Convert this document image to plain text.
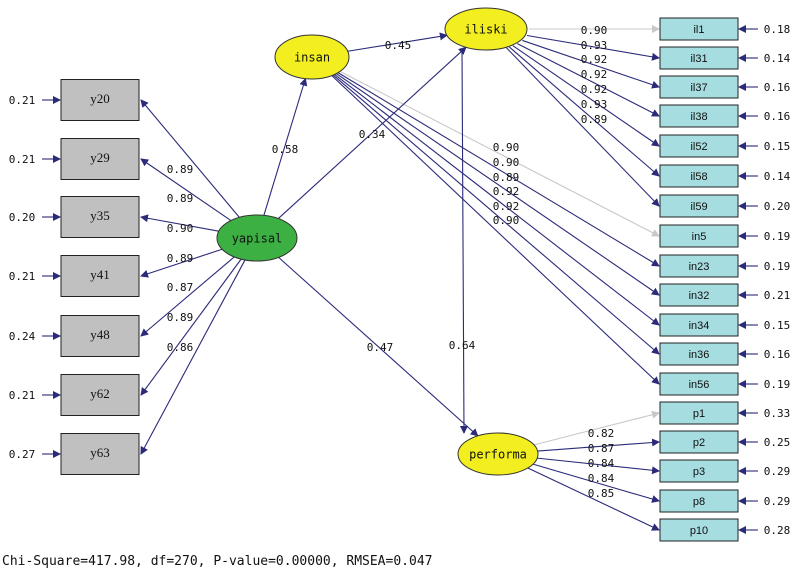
y20
0.21
y29
0.21
y35
0.20
y41
0.21
y48
0.24
y62
0.21
y63
0.27
0.89
0.89
0.90
0.89
0.87
0.89
0.86
il1	0.18
il31	0.14
il37	0.16
il38	0.16
il52	0.15
il58	0.14
il59	0.20
0.90
0.93
0.92
0.92
0.92
0.93
0.89
in5	0.19
in23	0.19
in32	0.21
in34	0.15
in36	0.16
in56	0.19
0.90
0.90
0.89
0.92
0.92
0.90
p1	0.33
p2	0.25
p3	0.29
p8	0.29
p10	0.28
0.82
0.87
0.84
0.84
0.85
0.58
0.34
0.45
0.47	0.64
yapisal
insan
iliski
performa
Chi-Square=417.98, df=270, P-value=0.00000, RMSEA=0.047
